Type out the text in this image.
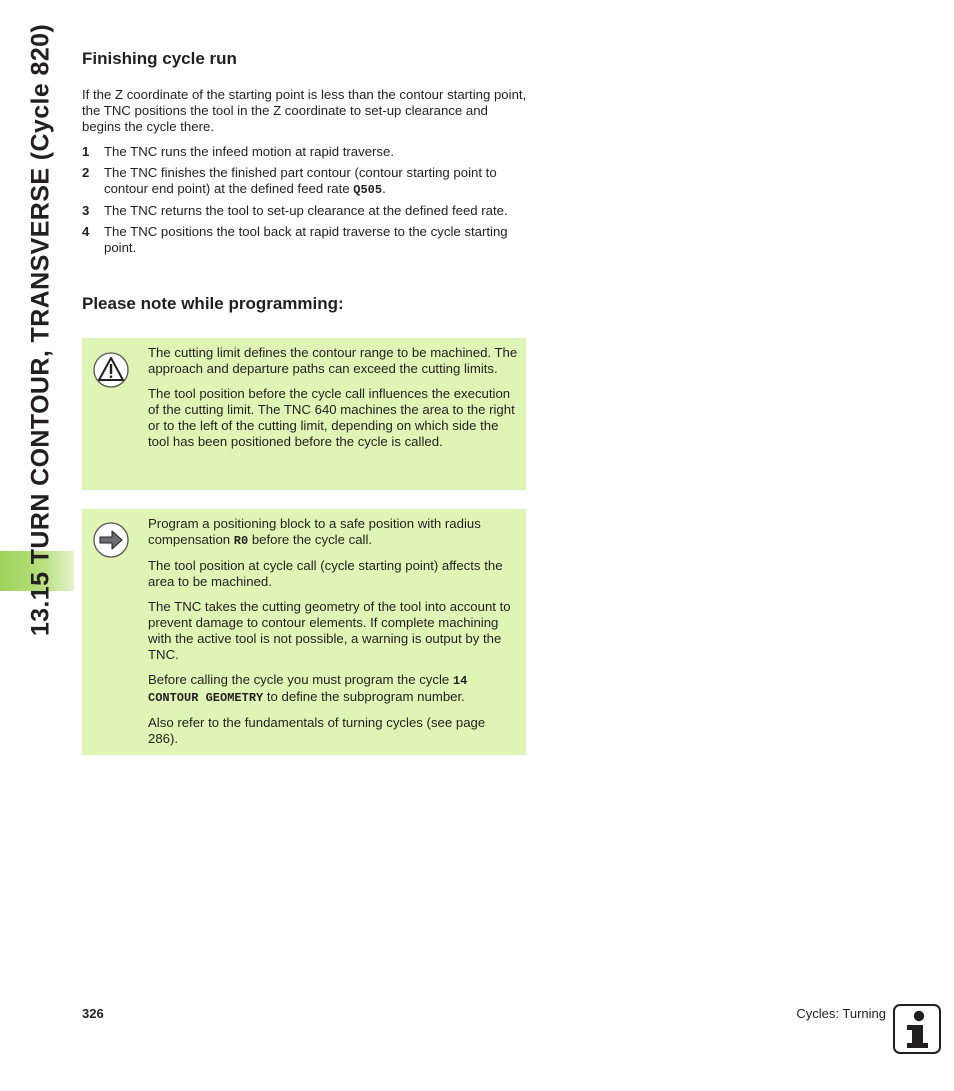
13.15 TURN CONTOUR, TRANSVERSE (Cycle 820) Finishing cycle run

If the Z coordinate of the starting point is less than the contour starting point, the TNC positions the tool in the Z coordinate to set-up clearance and begins the cycle there.

1 The TNC runs the infeed motion at rapid traverse.
2 The TNC finishes the finished part contour (contour starting point to contour end point) at the defined feed rate Q505.
3 The TNC returns the tool to set-up clearance at the defined feed rate.
4 The TNC positions the tool back at rapid traverse to the cycle starting point.
Please note while programming:

The cutting limit defines the contour range to be machined. The approach and departure paths can exceed the cutting limits.

The tool position before the cycle call influences the execution of the cutting limit. The TNC 640 machines the area to the right or to the left of the cutting limit, depending on which side the tool has been positioned before the cycle is called.

Program a positioning block to a safe position with radius compensation R0 before the cycle call.

The tool position at cycle call (cycle starting point) affects the area to be machined.

The TNC takes the cutting geometry of the tool into account to prevent damage to contour elements. If complete machining with the active tool is not possible, a warning is output by the TNC.

Before calling the cycle you must program the cycle 14
CONTOUR GEOMETRY to define the subprogram number.

Also refer to the fundamentals of turning cycles (see page 286).

326	Cycles: Turning
